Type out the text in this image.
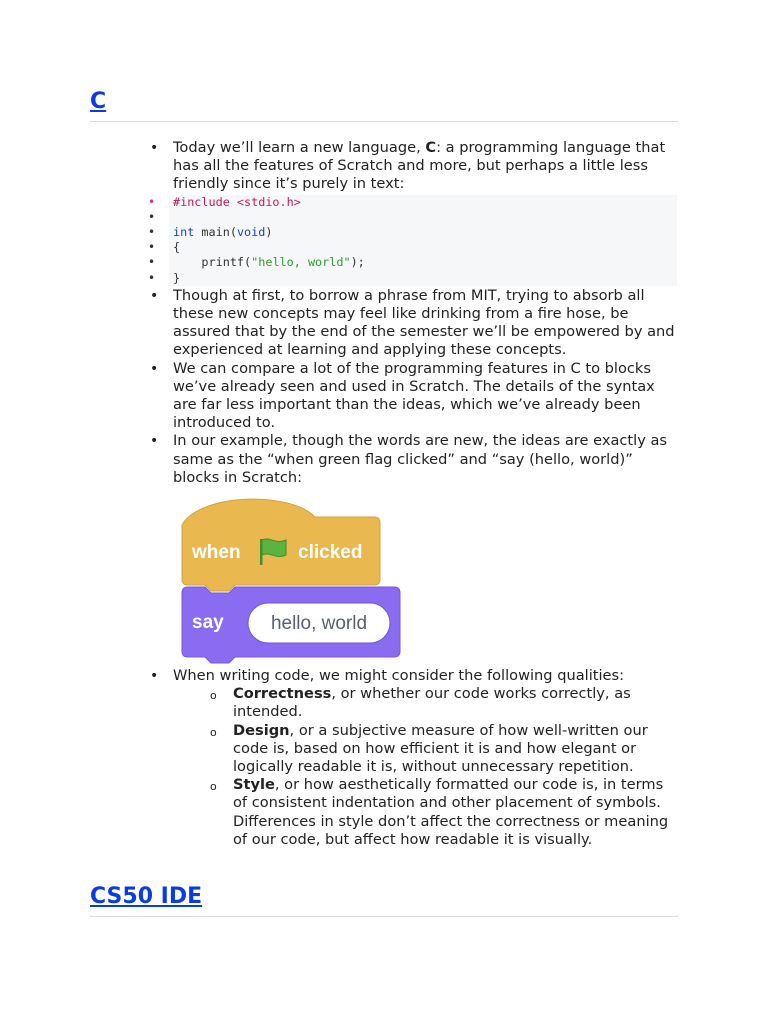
C
• Today we’ll learn a new language, C: a programming language that has all the features of Scratch and more, but perhaps a little less friendly since it’s purely in text:
• #include <stdio.h>
•
• int main(void)
• {
• printf("hello, world");
• }
• Though at first, to borrow a phrase from MIT, trying to absorb all these new concepts may feel like drinking from a fire hose, be assured that by the end of the semester we’ll be empowered by and experienced at learning and applying these concepts.
• We can compare a lot of the programming features in C to blocks we’ve already seen and used in Scratch. The details of the syntax are far less important than the ideas, which we’ve already been introduced to.
• In our example, though the words are new, the ideas are exactly as same as the “when green flag clicked” and “say (hello, world)” blocks in Scratch:
when	clicked
say hello, world
• When writing code, we might consider the following qualities:
o Correctness, or whether our code works correctly, as intended.
o Design, or a subjective measure of how well-written our code is, based on how efficient it is and how elegant or logically readable it is, without unnecessary repetition.
o Style, or how aesthetically formatted our code is, in terms of consistent indentation and other placement of symbols. Differences in style don’t affect the correctness or meaning of our code, but affect how readable it is visually.
CS50 IDE
